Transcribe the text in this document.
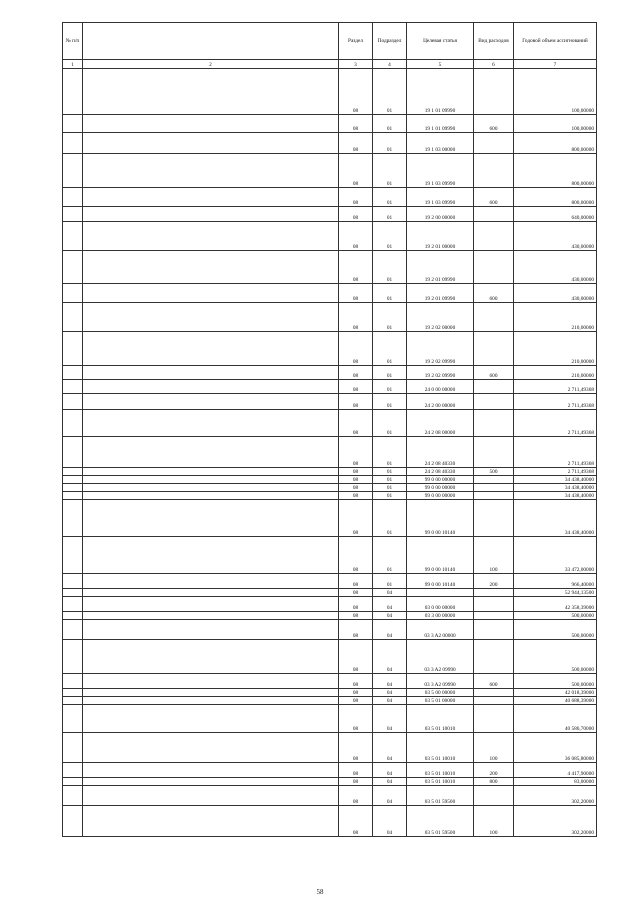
№ п/п		Раздел	Подраздел	Целевая статья	Вид расходов	Годовой объем ассигнований
1	2	3	4	5	6	7
		08	01	19 1 01 09990		100,00000
		08	01	19 1 01 09990	600	100,00000
		08	01	19 1 03 00000		800,00000
		08	01	19 1 03 09990		800,00000
		08	01	19 1 03 09990	600	800,00000
		08	01	19 2 00 00000		640,00000
		08	01	19 2 01 00000		430,00000
		08	01	19 2 01 09990		430,00000
		08	01	19 2 01 09990	600	430,00000
		08	01	19 2 02 00000		210,00000
		08	01	19 2 02 09990		210,00000
		08	01	19 2 02 09990	600	210,00000
		08	01	24 0 00 00000		2 711,49368
		08	01	24 2 00 00000		2 711,49368
		08	01	24 2 08 00000		2 711,49368
		08	01	24 2 08 40330		2 711,49368
		08	01	24 2 08 40330	500	2 711,49368
		08	01	99 0 00 00000		34 438,40000
		08	01	99 0 00 00000		34 438,40000
		08	01	99 0 00 00000		34 438,40000
		08	01	99 0 00 10140		34 438,40000
		08	01	99 0 00 10140	100	33 472,00000
		08	01	99 0 00 10140	200	966,40000
		08	04			52 944,13500
		08	04	03 0 00 00000		42 358,39000
		08	04	03 3 00 00000		500,00000
		08	04	03 3 A2 00000		500,00000
		08	04	03 3 A2 09990		500,00000
		08	04	03 3 A2 09990	600	500,00000
		08	04	03 5 00 00000		42 018,39000
		08	04	03 5 01 00000		40 688,39000
		08	04	03 5 01 10010		40 586,70000
		08	04	03 5 01 10010	100	36 085,80000
		08	04	03 5 01 10010	200	4 417,90000
		08	04	03 5 01 10010	800	83,00000
		08	04	03 5 01 59500		302,20000
		08	04	03 5 01 59500	100	302,20000
58
